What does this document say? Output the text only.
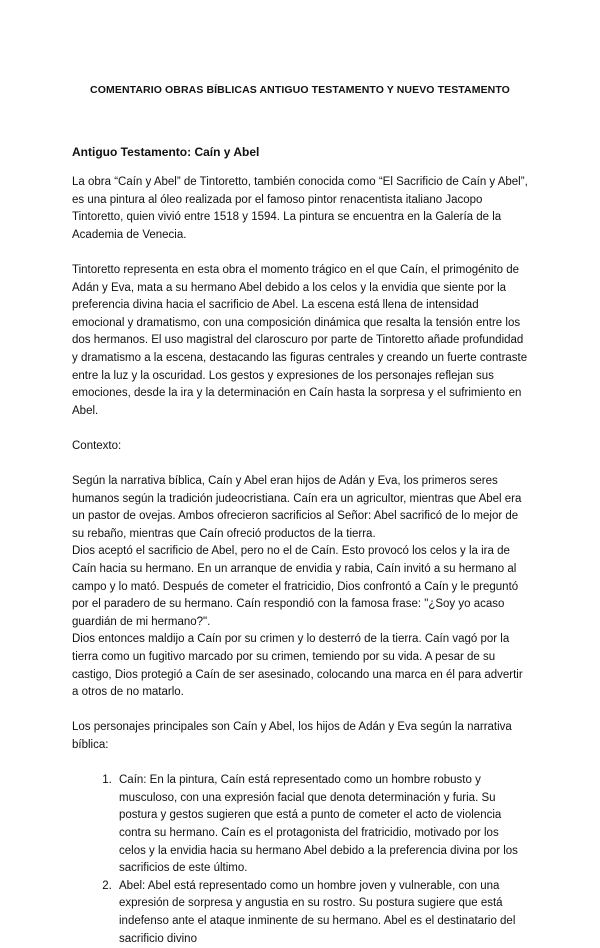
COMENTARIO OBRAS BÍBLICAS ANTIGUO TESTAMENTO Y NUEVO TESTAMENTO
Antiguo Testamento: Caín y Abel

La obra “Caín y Abel” de Tintoretto, también conocida como “El Sacrificio de Caín y Abel”, es una pintura al óleo realizada por el famoso pintor renacentista italiano Jacopo Tintoretto, quien vivió entre 1518 y 1594. La pintura se encuentra en la Galería de la Academia de Venecia.

Tintoretto representa en esta obra el momento trágico en el que Caín, el primogénito de Adán y Eva, mata a su hermano Abel debido a los celos y la envidia que siente por la preferencia divina hacia el sacrificio de Abel. La escena está llena de intensidad emocional y dramatismo, con una composición dinámica que resalta la tensión entre los dos hermanos. El uso magistral del claroscuro por parte de Tintoretto añade profundidad y dramatismo a la escena, destacando las figuras centrales y creando un fuerte contraste entre la luz y la oscuridad. Los gestos y expresiones de los personajes reflejan sus emociones, desde la ira y la determinación en Caín hasta la sorpresa y el sufrimiento en Abel.

Contexto:

Según la narrativa bíblica, Caín y Abel eran hijos de Adán y Eva, los primeros seres humanos según la tradición judeocristiana. Caín era un agricultor, mientras que Abel era un pastor de ovejas. Ambos ofrecieron sacrificios al Señor: Abel sacrificó de lo mejor de su rebaño, mientras que Caín ofreció productos de la tierra.

Dios aceptó el sacrificio de Abel, pero no el de Caín. Esto provocó los celos y la ira de Caín hacia su hermano. En un arranque de envidia y rabia, Caín invitó a su hermano al campo y lo mató. Después de cometer el fratricidio, Dios confrontó a Caín y le preguntó por el paradero de su hermano. Caín respondió con la famosa frase: "¿Soy yo acaso guardián de mi hermano?".

Dios entonces maldijo a Caín por su crimen y lo desterró de la tierra. Caín vagó por la tierra como un fugitivo marcado por su crimen, temiendo por su vida. A pesar de su castigo, Dios protegió a Caín de ser asesinado, colocando una marca en él para advertir a otros de no matarlo.

Los personajes principales son Caín y Abel, los hijos de Adán y Eva según la narrativa bíblica:

1. Caín: En la pintura, Caín está representado como un hombre robusto y musculoso, con una expresión facial que denota determinación y furia. Su postura y gestos sugieren que está a punto de cometer el acto de violencia contra su hermano. Caín es el protagonista del fratricidio, motivado por los celos y la envidia hacia su hermano Abel debido a la preferencia divina por los sacrificios de este último.
2. Abel: Abel está representado como un hombre joven y vulnerable, con una expresión de sorpresa y angustia en su rostro. Su postura sugiere que está indefenso ante el ataque inminente de su hermano. Abel es el destinatario del sacrificio divino
